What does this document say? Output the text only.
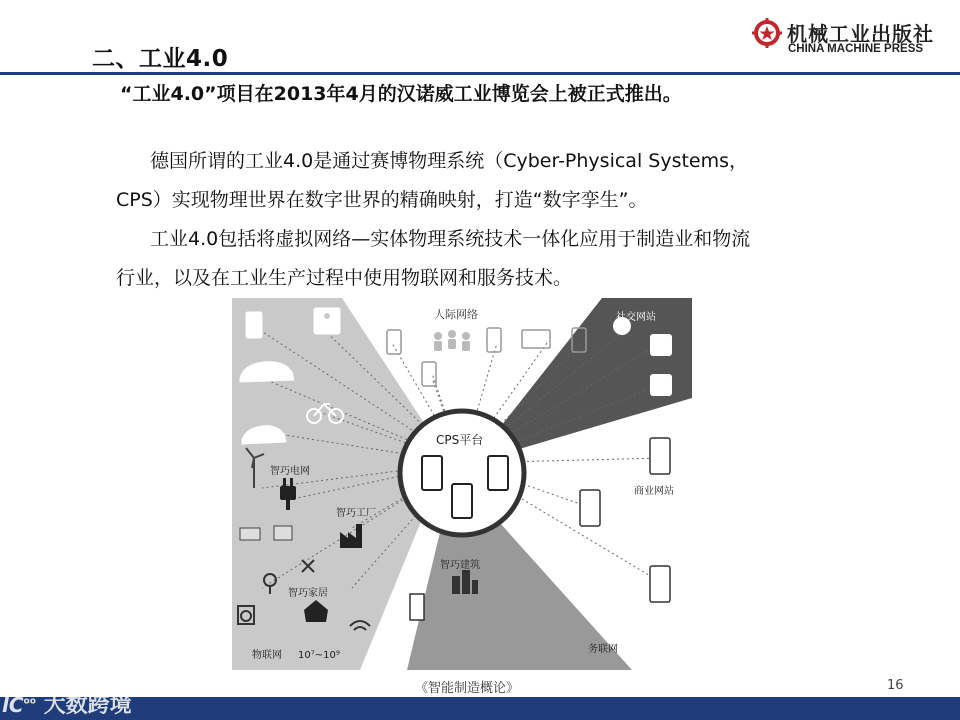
二、工业4.0
机械工业出版社
CHINA MACHINE PRESS
“工业4.0”项目在2013年4月的汉诺威工业博览会上被正式推出。
德国所谓的工业4.0是通过赛博物理系统（Cyber-Physical Systems，
CPS）实现物理世界在数字世界的精确映射，打造“数字孪生”。
工业4.0包括将虚拟网络—实体物理系统技术一体化应用于制造业和物流
行业，以及在工业生产过程中使用物联网和服务技术。
人际网络	社交网站
智巧电网
智巧工厂
智巧家居
CPS平台
智巧建筑
商业网站
物联网 10⁷~10⁹
务联网
《智能制造概论》	16
$lC^{oo}$ 大数跨境
